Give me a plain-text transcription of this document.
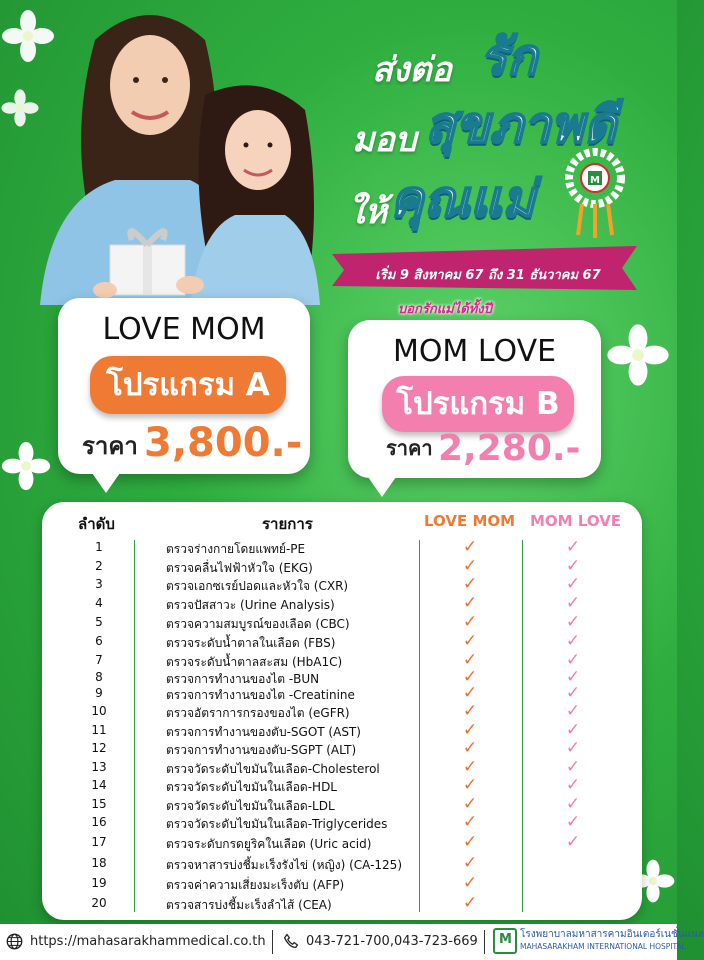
ส่งต่อ รัก
มอบ สุขภาพดี
ให้ คุณแม่	M
เริ่ม 9 สิงหาคม 67 ถึง 31 ธันวาคม 67
บอกรักแม่ได้ทั้งปี
LOVE MOM
โปรแกรม A
ราคา 3,800.-
MOM LOVE
โปรแกรม B
ราคา 2,280.-
ลำดับ	รายการ	LOVE MOM MOM LOVE
1	ตรวจร่างกายโดยแพทย์-PE	✓	✓
2	ตรวจคลื่นไฟฟ้าหัวใจ (EKG)	✓	✓
3	ตรวจเอกซเรย์ปอดและหัวใจ (CXR)	✓	✓
4	ตรวจปัสสาวะ (Urine Analysis)	✓	✓
5	ตรวจความสมบูรณ์ของเลือด (CBC)	✓	✓
6	ตรวจระดับน้ำตาลในเลือด (FBS)	✓	✓
7	ตรวจระดับน้ำตาลสะสม (HbA1C)	✓	✓
8	ตรวจการทำงานของไต -BUN	✓	✓
9	ตรวจการทำงานของไต -Creatinine	✓	✓
10	ตรวจอัตราการกรองของไต (eGFR)	✓	✓
11	ตรวจการทำงานของตับ-SGOT (AST)	✓	✓
12	ตรวจการทำงานของตับ-SGPT (ALT)	✓	✓
13	ตรวจวัดระดับไขมันในเลือด-Cholesterol	✓	✓
14	ตรวจวัดระดับไขมันในเลือด-HDL	✓	✓
15	ตรวจวัดระดับไขมันในเลือด-LDL	✓	✓
16	ตรวจวัดระดับไขมันในเลือด-Triglycerides	✓	✓
17	ตรวจระดับกรดยูริคในเลือด (Uric acid)	✓	✓
18	ตรวจหาสารบ่งชี้มะเร็งรังไข่ (หญิง) (CA-125)	✓
19	ตรวจค่าความเสี่ยงมะเร็งตับ (AFP)	✓
20	ตรวจสารบ่งชี้มะเร็งลำไส้ (CEA)	✓
https://mahasarakhammedical.co.th	043-721-700,043-723-669 M โรงพยาบาลมหาสารคามอินเตอร์เนชั่นแนล
MAHASARAKHAM INTERNATIONAL HOSPITAL
